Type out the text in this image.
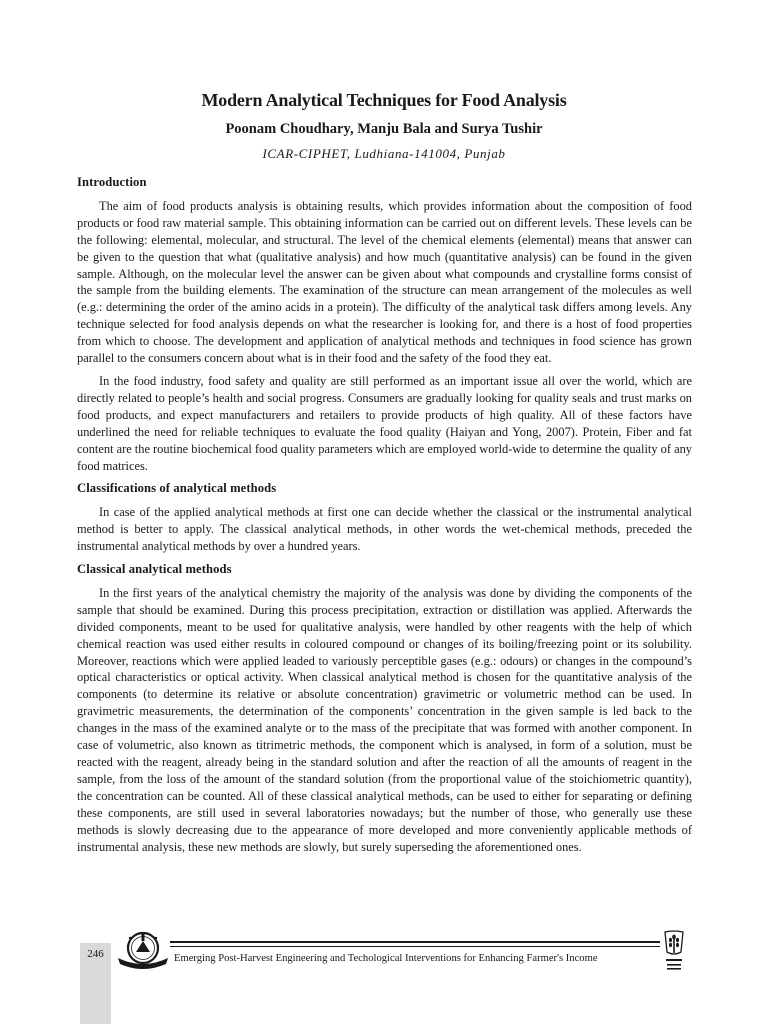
Modern Analytical Techniques for Food Analysis
Poonam Choudhary, Manju Bala and Surya Tushir
ICAR-CIPHET, Ludhiana-141004, Punjab
Introduction

The aim of food products analysis is obtaining results, which provides information about the composition of food products or food raw material sample. This obtaining information can be carried out on different levels. These levels can be the following: elemental, molecular, and structural. The level of the chemical elements (elemental) means that answer can be given to the question that what (qualitative analysis) and how much (quantitative analysis) can be found in the given sample. Although, on the molecular level the answer can be given about what compounds and crystalline forms consist of the sample from the building elements. The examination of the structure can mean arrangement of the molecules as well (e.g.: determining the order of the amino acids in a protein). The difficulty of the analytical task differs among levels. Any technique selected for food analysis depends on what the researcher is looking for, and there is a host of food properties from which to choose. The development and application of analytical methods and techniques in food science has grown parallel to the consumers concern about what is in their food and the safety of the food they eat.

In the food industry, food safety and quality are still performed as an important issue all over the world, which are directly related to people’s health and social progress. Consumers are gradually looking for quality seals and trust marks on food products, and expect manufacturers and retailers to provide products of high quality. All of these factors have underlined the need for reliable techniques to evaluate the food quality (Haiyan and Yong, 2007). Protein, Fiber and fat content are the routine biochemical food quality parameters which are employed world-wide to determine the quality of any food matrices.

Classifications of analytical methods

In case of the applied analytical methods at first one can decide whether the classical or the instrumental analytical method is better to apply. The classical analytical methods, in other words the wet-chemical methods, preceded the instrumental analytical methods by over a hundred years.

Classical analytical methods

In the first years of the analytical chemistry the majority of the analysis was done by dividing the components of the sample that should be examined. During this process precipitation, extraction or distillation was applied. Afterwards the divided components, meant to be used for qualitative analysis, were handled by other reagents with the help of which chemical reaction was used either results in coloured compound or changes of its boiling/freezing point or its solubility. Moreover, reactions which were applied leaded to variously perceptible gases (e.g.: odours) or changes in the compound’s optical characteristics or optical activity. When classical analytical method is chosen for the quantitative analysis of the components (to determine its relative or absolute concentration) gravimetric or volumetric method can be used. In gravimetric measurements, the determination of the components’ concentration in the given sample is led back to the changes in the mass of the examined analyte or to the mass of the precipitate that was formed with another component. In case of volumetric, also known as titrimetric methods, the component which is analysed, in form of a solution, must be reacted with the reagent, already being in the standard solution and after the reaction of all the amounts of reagent in the sample, from the loss of the amount of the standard solution (from the proportional value of the stoichiometric quantity), the concentration can be counted. All of these classical analytical methods, can be used to either for separating or defining these components, are still used in several laboratories nowadays; but the number of those, who generally use these methods is slowly decreasing due to the appearance of more developed and more conveniently applicable methods of instrumental analysis, these new methods are slowly, but surely superseding the aforementioned ones.

246	Emerging Post-Harvest Engineering and Techological Interventions for Enhancing Farmer's Income
